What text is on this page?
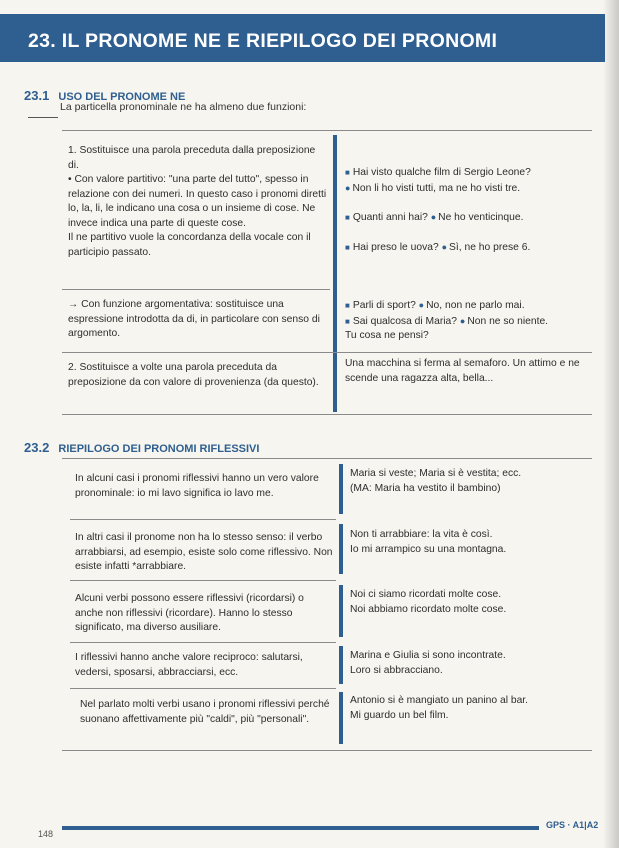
23. IL PRONOME NE E RIEPILOGO DEI PRONOMI
23.1 USO DEL PRONOME NE
La particella pronominale ne ha almeno due funzioni:
1. Sostituisce una parola preceduta dalla preposizione di.
• Con valore partitivo: "una parte del tutto", spesso in relazione con dei numeri. In questo caso i pronomi diretti lo, la, li, le indicano una cosa o un insieme di cose. Ne invece indica una parte di queste cose.
Il ne partitivo vuole la concordanza della vocale con il participio passato.
■ Hai visto qualche film di Sergio Leone?
● Non li ho visti tutti, ma ne ho visti tre.
■ Quanti anni hai? ● Ne ho venticinque.
■ Hai preso le uova? ● Sì, ne ho prese 6.
→ Con funzione argomentativa: sostituisce una espressione introdotta da di, in particolare con senso di argomento.
■ Parli di sport? ● No, non ne parlo mai.
■ Sai qualcosa di Maria? ● Non ne so niente.
Tu cosa ne pensi?
2. Sostituisce a volte una parola preceduta da preposizione da con valore di provenienza (da questo).
Una macchina si ferma al semaforo. Un attimo e ne scende una ragazza alta, bella...
23.2 RIEPILOGO DEI PRONOMI RIFLESSIVI
In alcuni casi i pronomi riflessivi hanno un vero valore pronominale: io mi lavo significa io lavo me.
Maria si veste; Maria si è vestita; ecc.
(MA: Maria ha vestito il bambino)
In altri casi il pronome non ha lo stesso senso: il verbo arrabbiarsi, ad esempio, esiste solo come riflessivo. Non esiste infatti *arrabbiare.
Non ti arrabbiare: la vita è così.
Io mi arrampico su una montagna.
Alcuni verbi possono essere riflessivi (ricordarsi) o anche non riflessivi (ricordare). Hanno lo stesso significato, ma diverso ausiliare.
Noi ci siamo ricordati molte cose.
Noi abbiamo ricordato molte cose.
I riflessivi hanno anche valore reciproco: salutarsi, vedersi, sposarsi, abbracciarsi, ecc.
Marina e Giulia si sono incontrate.
Loro si abbracciano.
Nel parlato molti verbi usano i pronomi riflessivi perché suonano affettivamente più "caldi", più "personali".
Antonio si è mangiato un panino al bar.
Mi guardo un bel film.
148
GPS · A1|A2
